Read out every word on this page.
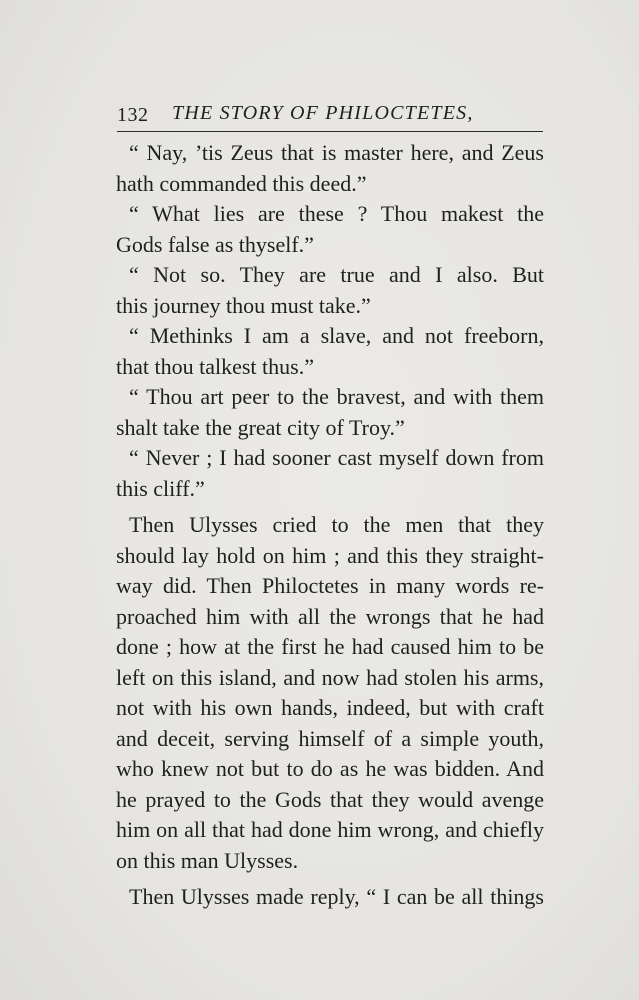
132 THE STORY OF PHILOCTETES,

“ Nay, ’tis Zeus that is master here, and Zeus
hath commanded this deed.”

“ What lies are these ? Thou makest the
Gods false as thyself.”

“ Not so. They are true and I also. But
this journey thou must take.”

“ Methinks I am a slave, and not freeborn,
that thou talkest thus.”

“ Thou art peer to the bravest, and with them
shalt take the great city of Troy.”

“ Never ; I had sooner cast myself down from
this cliff.”

Then Ulysses cried to the men that they
should lay hold on him ; and this they straight-
way did. Then Philoctetes in many words re-
proached him with all the wrongs that he had
done ; how at the first he had caused him to be
left on this island, and now had stolen his arms,
not with his own hands, indeed, but with craft
and deceit, serving himself of a simple youth,
who knew not but to do as he was bidden. And
he prayed to the Gods that they would avenge
him on all that had done him wrong, and chiefly
on this man Ulysses.

Then Ulysses made reply, “ I can be all things
